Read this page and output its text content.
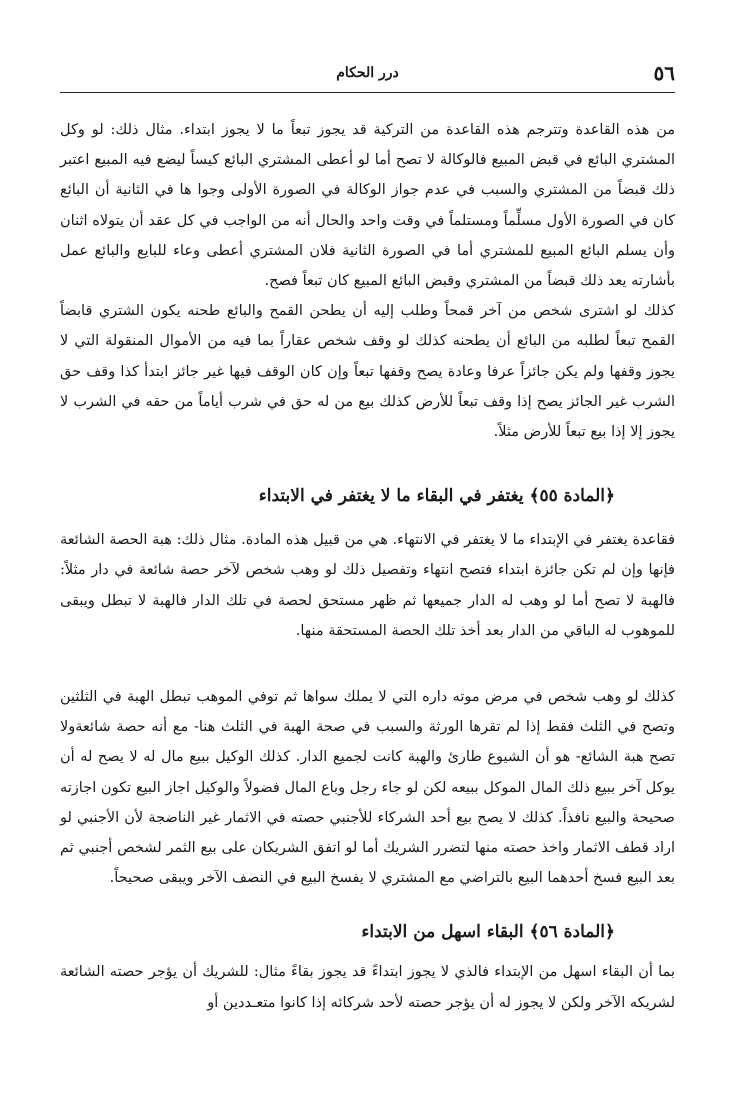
٥٦
درر الحكام

من هذه القاعدة وتترجم هذه القاعدة من التركية قد يجوز تبعاً ما لا يجوز ابتداء. مثال ذلك: لو وكل المشتري البائع في قبض المبيع فالوكالة لا تصح أما لو أعطى المشتري البائع كيساً ليضع فيه المبيع اعتبر ذلك قبضاً من المشتري والسبب في عدم جواز الوكالة في الصورة الأولى وجوا ها في الثانية أن البائع كان في الصورة الأول مسلِّماً ومستلماً في وقت واحد والحال أنه من الواجب في كل عقد أن يتولاه اثنان وأن يسلم البائع المبيع للمشتري أما في الصورة الثانية فلان المشتري أعطى وعاء للبايع والبائع عمل بأشارته يعد ذلك قبضاً من المشتري وقبض البائع المبيع كان تبعاً فصح.

كذلك لو اشترى شخص من آخر قمحاً وطلب إليه أن يطحن القمح والبائع طحنه يكون الشتري قابضاً القمح تبعاً لطلبه من البائع أن يطحنه كذلك لو وقف شخص عقاراً بما فيه من الأموال المنقولة التي لا يجوز وقفها ولم يكن جائزاً عرفا وعادة يصح وقفها تبعاً وإن كان الوقف فيها غير جائز ابتدأ كذا وقف حق الشرب غير الجائز يصح إذا وقف تبعاً للأرض كذلك بيع من له حق في شرب أياماً من حقه في الشرب لا يجوز إلا إذا بيع تبعاً للأرض مثلاً.

﴿المادة ٥٥﴾ يغتفر في البقاء ما لا يغتفر في الابتداء

فقاعدة يغتفر في الإبتداء ما لا يغتفر في الانتهاء. هي من قبيل هذه المادة. مثال ذلك: هبة الحصة الشائعة فإنها وإن لم تكن جائزة ابتداء فتصح انتهاء وتفصيل ذلك لو وهب شخص لآخر حصة شائعة في دار مثلاً: فالهبة لا تصح أما لو وهب له الدار جميعها ثم ظهر مستحق لحصة في تلك الدار فالهبة لا تبطل ويبقى للموهوب له الباقي من الدار بعد أخذ تلك الحصة المستحقة منها.

كذلك لو وهب شخص في مرض موته داره التي لا يملك سواها ثم توفي الموهب تبطل الهبة في الثلثين وتصح في الثلث فقط إذا لم تقرها الورثة والسبب في صحة الهبة في الثلث هنا- مع أنه حصة شائعةولا تصح هبة الشائع- هو أن الشيوع طارئ والهبة كانت لجميع الدار. كذلك الوكيل ببيع مال له لا يصح له أن يوكل آخر ببيع ذلك المال الموكل ببيعه لكن لو جاء رجل وباع المال فضولاً والوكيل اجاز البيع تكون اجازته صحيحة والبيع نافذاً. كذلك لا يصح بيع أحد الشركاء للأجنبي حصته في الاثمار غير الناضجة لأن الأجنبي لو اراد قطف الاثمار واخذ حصته منها لتضرر الشريك أما لو اتفق الشريكان على بيع الثمر لشخص أجنبي ثم بعد البيع فسخ أحدهما البيع بالتراضي مع المشتري لا يفسخ البيع في النصف الآخر ويبقى صحيحاً.

﴿المادة ٥٦﴾ البقاء اسهل من الابتداء

بما أن البقاء اسهل من الإبتداء فالذي لا يجوز ابتداءً قد يجوز بقاءً مثال: للشريك أن يؤجر حصته الشائعة لشريكه الآخر ولكن لا يجوز له أن يؤجر حصته لأحد شركائه إذا كانوا متعـددين أو
